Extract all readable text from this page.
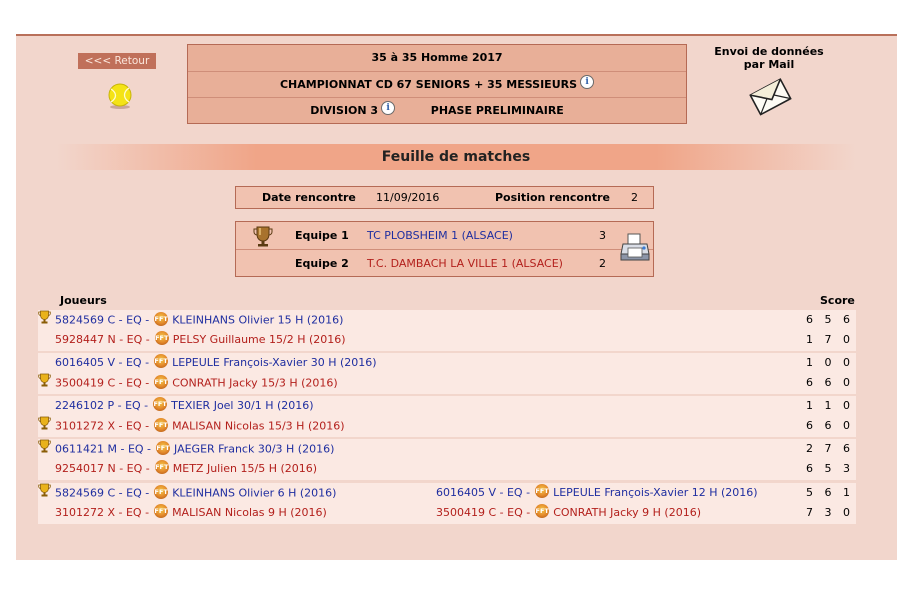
<<< Retour	35 à 35 Homme 2017
CHAMPIONNAT CD 67 SENIORS + 35 MESSIEURS i
DIVISION 3 i	PHASE PRELIMINAIRE
Envoi de données
par Mail
Feuille de matches
Date rencontre 11/09/2016	Position rencontre 2
Equipe 1 TC PLOBSHEIM 1 (ALSACE)	3
Equipe 2 T.C. DAMBACH LA VILLE 1 (ALSACE)	2
Joueurs	Score
5824569 C - EQ - FFT KLEINHANS Olivier 15 H (2016)	6 5 6
5928447 N - EQ - FFT PELSY Guillaume 15/2 H (2016)	1 7 0
6016405 V - EQ - FFT LEPEULE François-Xavier 30 H (2016)	1 0 0
3500419 C - EQ - FFT CONRATH Jacky 15/3 H (2016)	6 6 0
2246102 P - EQ - FFT TEXIER Joel 30/1 H (2016)	1 1 0
3101272 X - EQ - FFT MALISAN Nicolas 15/3 H (2016)	6 6 0
0611421 M - EQ - FFT JAEGER Franck 30/3 H (2016)	2 7 6
9254017 N - EQ - FFT METZ Julien 15/5 H (2016)	6 5 3
5824569 C - EQ - FFT KLEINHANS Olivier 6 H (2016)	6016405 V - EQ - FFT LEPEULE François-Xavier 12 H (2016)	5 6 1
3101272 X - EQ - FFT MALISAN Nicolas 9 H (2016)	3500419 C - EQ - FFT CONRATH Jacky 9 H (2016)	7 3 0
